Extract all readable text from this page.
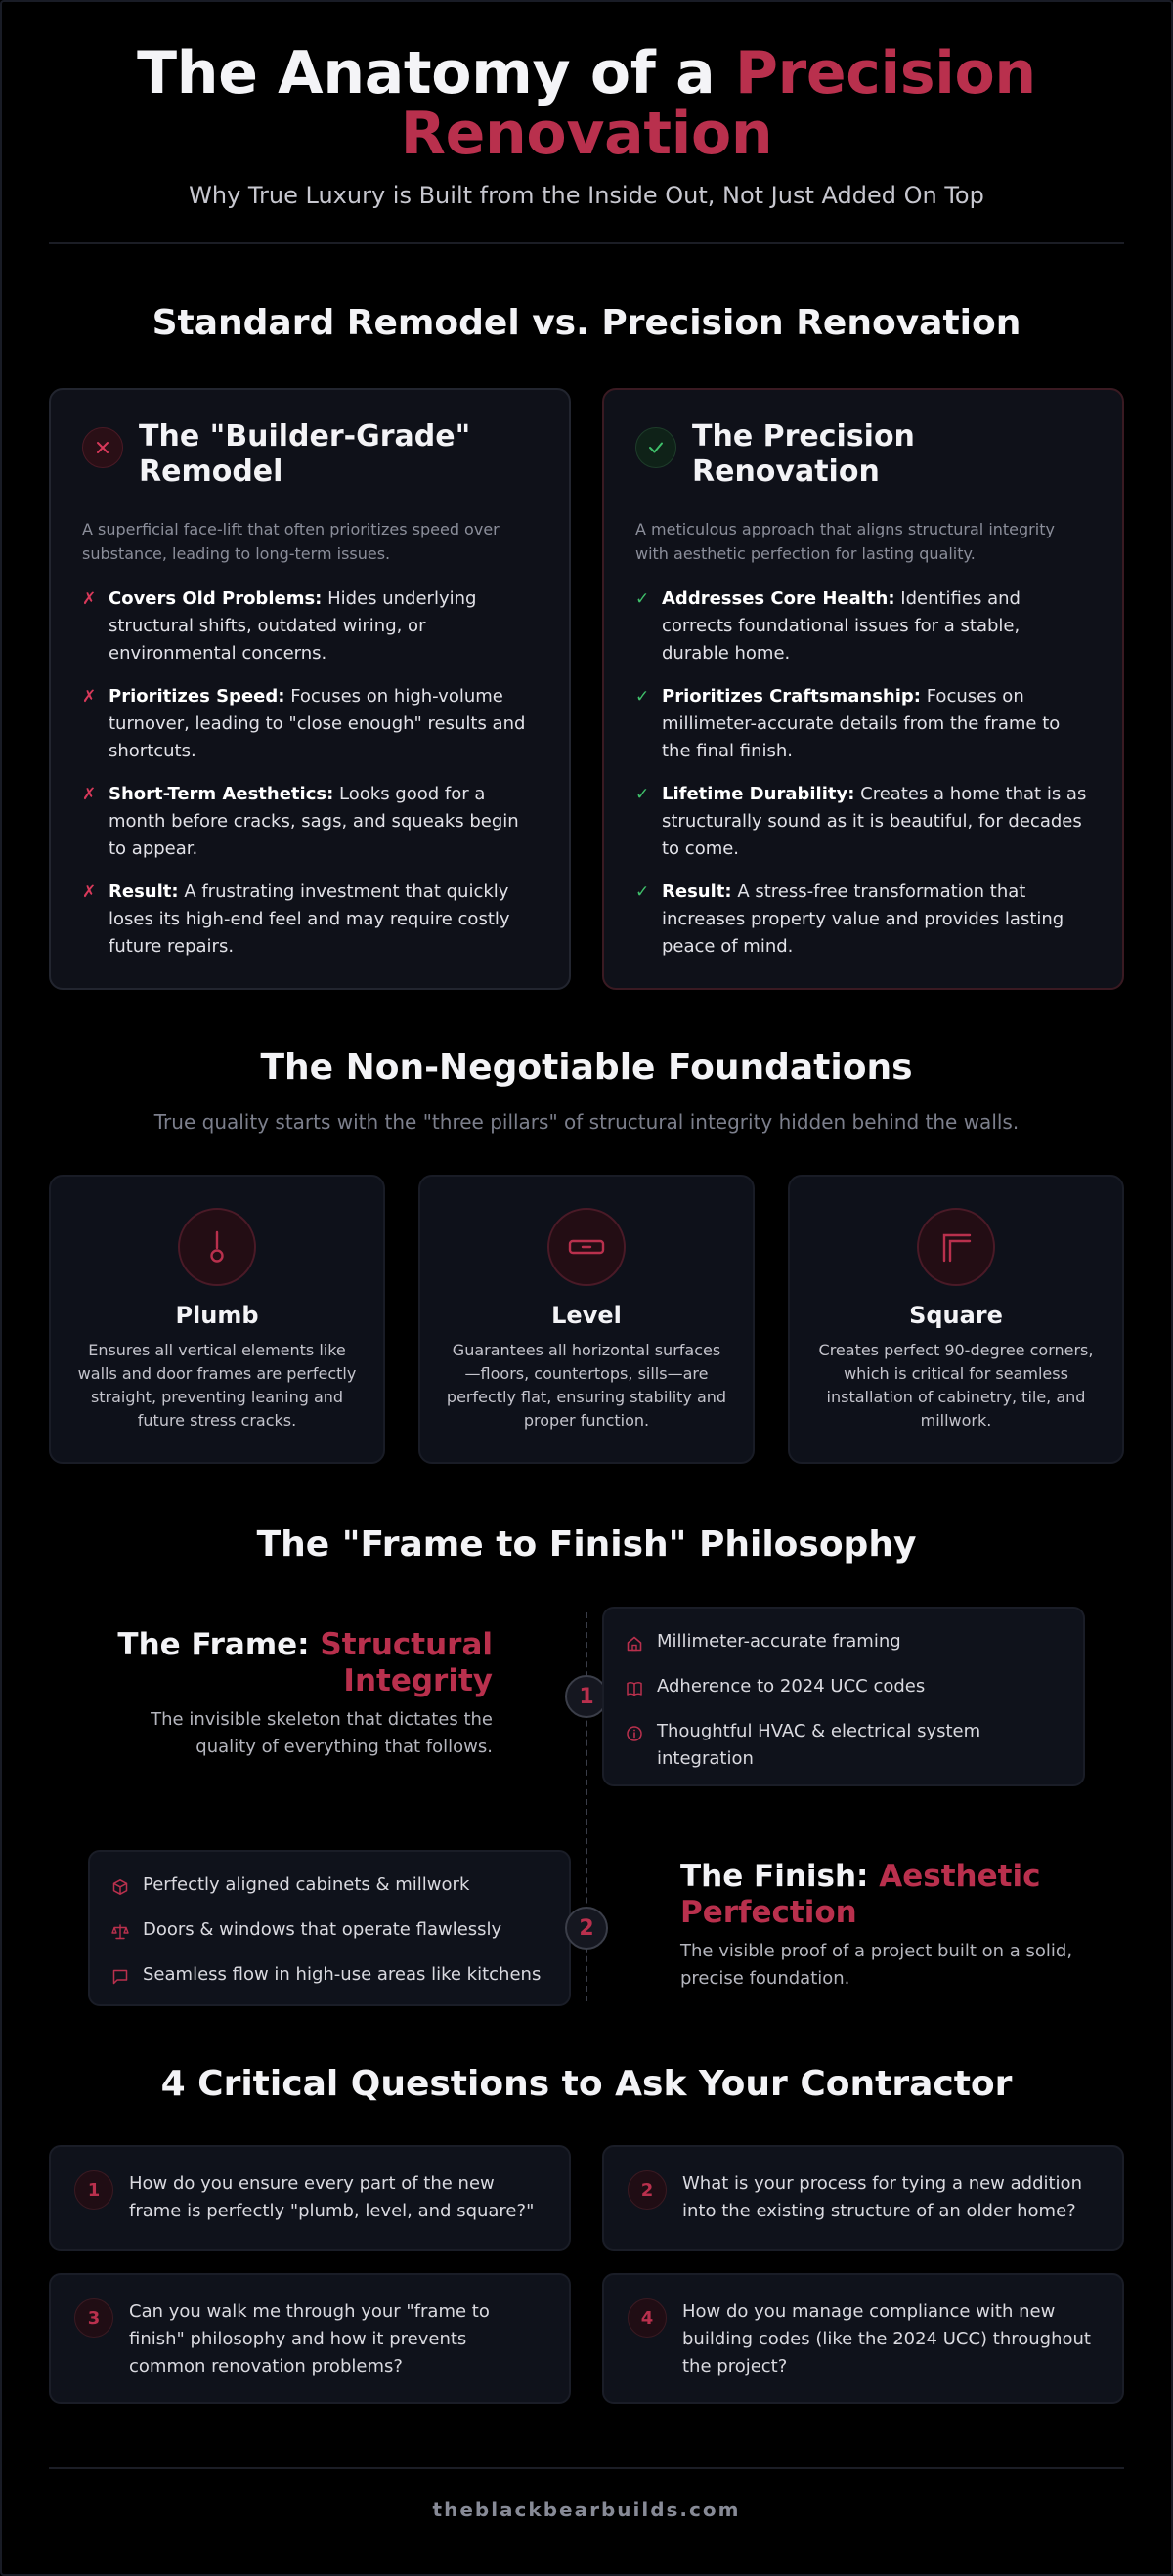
The Anatomy of a Precision
Renovation
Why True Luxury is Built from the Inside Out, Not Just Added On Top
Standard Remodel vs. Precision Renovation
The "Builder-Grade" Remodel

A superficial face-lift that often prioritizes speed over substance, leading to long-term issues.

✗ Covers Old Problems: Hides underlying structural shifts, outdated wiring, or environmental concerns.
✗ Prioritizes Speed: Focuses on high-volume turnover, leading to "close enough" results and shortcuts.
✗ Short-Term Aesthetics: Looks good for a month before cracks, sags, and squeaks begin to appear.
✗ Result: A frustrating investment that quickly loses its high-end feel and may require costly future repairs.
The Precision Renovation

A meticulous approach that aligns structural integrity with aesthetic perfection for lasting quality.

✓ Addresses Core Health: Identifies and corrects foundational issues for a stable, durable home.
✓ Prioritizes Craftsmanship: Focuses on millimeter-accurate details from the frame to the final finish.
✓ Lifetime Durability: Creates a home that is as structurally sound as it is beautiful, for decades to come.
✓ Result: A stress-free transformation that increases property value and provides lasting peace of mind.
The Non-Negotiable Foundations

True quality starts with the "three pillars" of structural integrity hidden behind the walls.

Plumb

Ensures all vertical elements like walls and door frames are perfectly straight, preventing leaning and future stress cracks.

Level

Guarantees all horizontal surfaces—floors, countertops, sills—are perfectly flat, ensuring stability and proper function.

Square

Creates perfect 90-degree corners, which is critical for seamless installation of cabinetry, tile, and millwork.

The "Frame to Finish" Philosophy
The Frame: Structural
Integrity

The invisible skeleton that dictates the quality of everything that follows.

1
Millimeter-accurate framing
Adherence to 2024 UCC codes
Thoughtful HVAC & electrical system integration
Perfectly aligned cabinets & millwork
Doors & windows that operate flawlessly
Seamless flow in high-use areas like kitchens
2
The Finish: Aesthetic
Perfection

The visible proof of a project built on a solid, precise foundation.

4 Critical Questions to Ask Your Contractor
1	How do you ensure every part of the new frame is perfectly "plumb, level, and square?"
2	What is your process for tying a new addition into the existing structure of an older home?
3	Can you walk me through your "frame to finish" philosophy and how it prevents common renovation problems?
4	How do you manage compliance with new building codes (like the 2024 UCC) throughout the project?
theblackbearbuilds.com
